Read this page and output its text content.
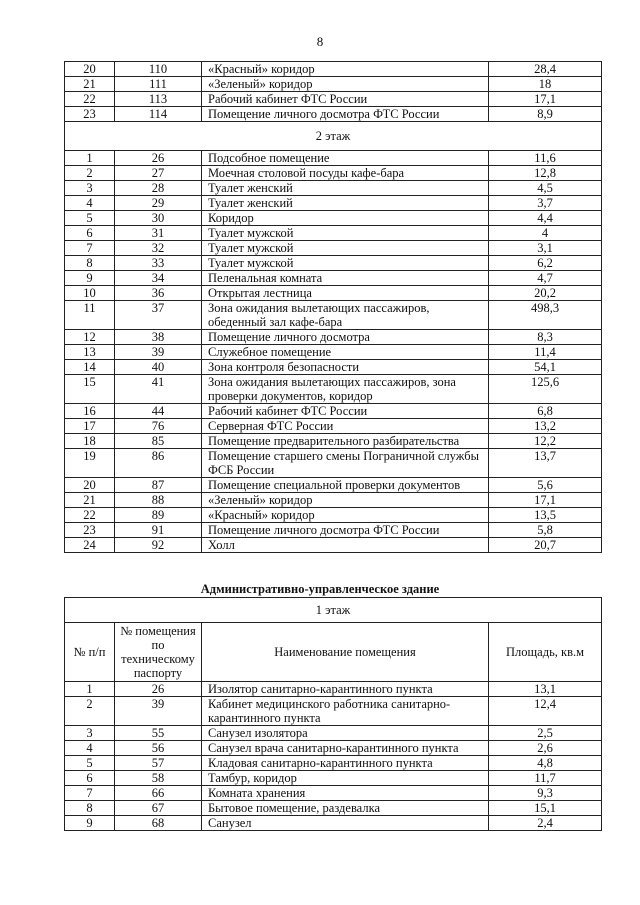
8
20	110	«Красный» коридор	28,4
21	111	«Зеленый» коридор	18
22	113	Рабочий кабинет ФТС России	17,1
23	114	Помещение личного досмотра ФТС России	8,9
2 этаж			
1	26	Подсобное помещение	11,6
2	27	Моечная столовой посуды кафе-бара	12,8
3	28	Туалет женский	4,5
4	29	Туалет женский	3,7
5	30	Коридор	4,4
6	31	Туалет мужской	4
7	32	Туалет мужской	3,1
8	33	Туалет мужской	6,2
9	34	Пеленальная комната	4,7
10	36	Открытая лестница	20,2
11	37	Зона ожидания вылетающих пассажиров, обеденный зал кафе-бара	498,3
12	38	Помещение личного досмотра	8,3
13	39	Служебное помещение	11,4
14	40	Зона контроля безопасности	54,1
15	41	Зона ожидания вылетающих пассажиров, зона проверки документов, коридор	125,6
16	44	Рабочий кабинет ФТС России	6,8
17	76	Серверная ФТС России	13,2
18	85	Помещение предварительного разбирательства	12,2
19	86	Помещение старшего смены Пограничной службы ФСБ России	13,7
20	87	Помещение специальной проверки документов	5,6
21	88	«Зеленый» коридор	17,1
22	89	«Красный» коридор	13,5
23	91	Помещение личного досмотра ФТС России	5,8
24	92	Холл	20,7
Административно-управленческое здание
1 этаж			
№ п/п	№ помещения по техническому паспорту	Наименование помещения	Площадь, кв.м
1	26	Изолятор санитарно-карантинного пункта	13,1
2	39	Кабинет медицинского работника санитарно-карантинного пункта	12,4
3	55	Санузел изолятора	2,5
4	56	Санузел врача санитарно-карантинного пункта	2,6
5	57	Кладовая санитарно-карантинного пункта	4,8
6	58	Тамбур, коридор	11,7
7	66	Комната хранения	9,3
8	67	Бытовое помещение, раздевалка	15,1
9	68	Санузел	2,4
